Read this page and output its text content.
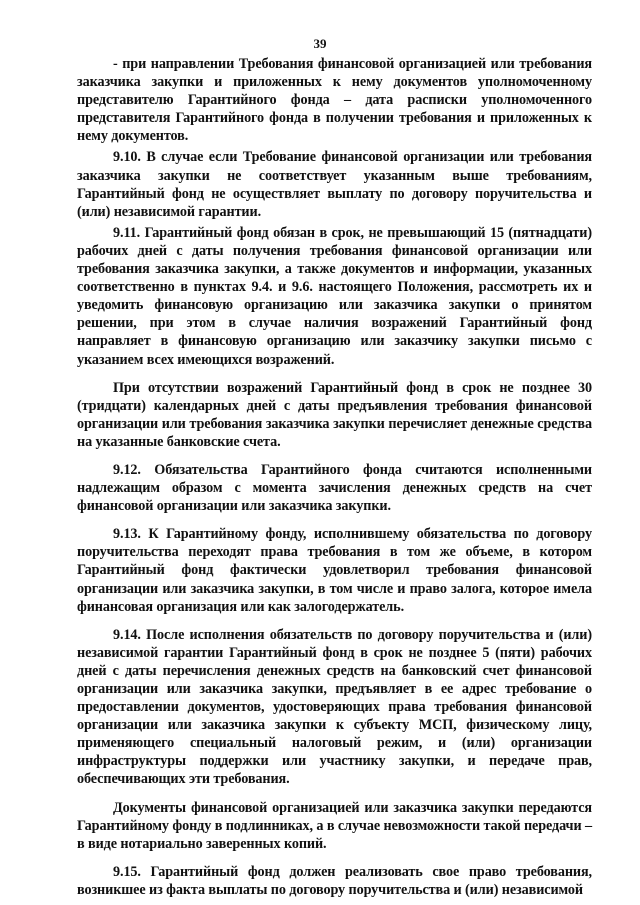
39

- при направлении Требования финансовой организацией или требования заказчика закупки и приложенных к нему документов уполномоченному представителю Гарантийного фонда – дата расписки уполномоченного представителя Гарантийного фонда в получении требования и приложенных к нему документов.

9.10. В случае если Требование финансовой организации или требования заказчика закупки не соответствует указанным выше требованиям, Гарантийный фонд не осуществляет выплату по договору поручительства и (или) независимой гарантии.

9.11. Гарантийный фонд обязан в срок, не превышающий 15 (пятнадцати) рабочих дней с даты получения требования финансовой организации или требования заказчика закупки, а также документов и информации, указанных соответственно в пунктах 9.4. и 9.6. настоящего Положения, рассмотреть их и уведомить финансовую организацию или заказчика закупки о принятом решении, при этом в случае наличия возражений Гарантийный фонд направляет в финансовую организацию или заказчику закупки письмо с указанием всех имеющихся возражений.

При отсутствии возражений Гарантийный фонд в срок не позднее 30 (тридцати) календарных дней с даты предъявления требования финансовой организации или требования заказчика закупки перечисляет денежные средства на указанные банковские счета.

9.12. Обязательства Гарантийного фонда считаются исполненными надлежащим образом с момента зачисления денежных средств на счет финансовой организации или заказчика закупки.

9.13. К Гарантийному фонду, исполнившему обязательства по договору поручительства переходят права требования в том же объеме, в котором Гарантийный фонд фактически удовлетворил требования финансовой организации или заказчика закупки, в том числе и право залога, которое имела финансовая организация или как залогодержатель.

9.14. После исполнения обязательств по договору поручительства и (или) независимой гарантии Гарантийный фонд в срок не позднее 5 (пяти) рабочих дней с даты перечисления денежных средств на банковский счет финансовой организации или заказчика закупки, предъявляет в ее адрес требование о предоставлении документов, удостоверяющих права требования финансовой организации или заказчика закупки к субъекту МСП, физическому лицу, применяющего специальный налоговый режим, и (или) организации инфраструктуры поддержки или участнику закупки, и передаче прав, обеспечивающих эти требования.

Документы финансовой организацией или заказчика закупки передаются Гарантийному фонду в подлинниках, а в случае невозможности такой передачи – в виде нотариально заверенных копий.

9.15. Гарантийный фонд должен реализовать свое право требования, возникшее из факта выплаты по договору поручительства и (или) независимой
